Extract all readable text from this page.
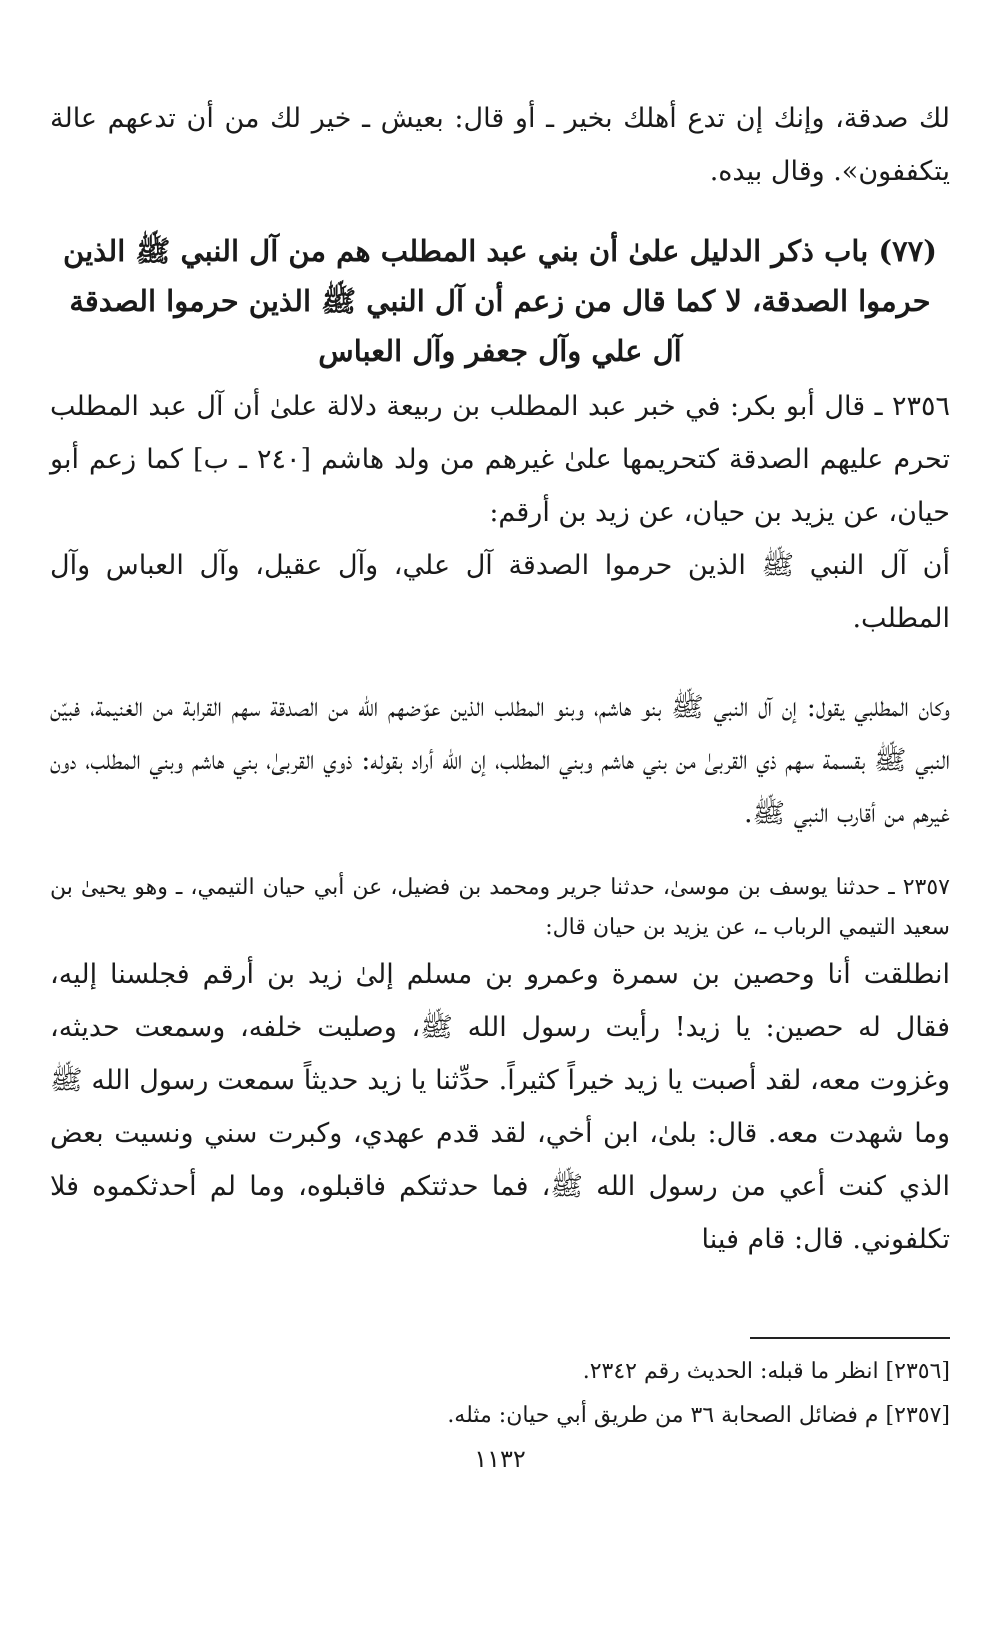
لك صدقة، وإنك إن تدع أهلك بخير ـ أو قال: بعيش ـ خير لك من أن تدعهم عالة يتكففون». وقال بيده.

(٧٧) باب ذكر الدليل علىٰ أن بني عبد المطلب هم من آل النبي ﷺ الذين حرموا الصدقة، لا كما قال من زعم أن آل النبي ﷺ الذين حرموا الصدقة آل علي وآل جعفر وآل العباس

٢٣٥٦ ـ قال أبو بكر: في خبر عبد المطلب بن ربيعة دلالة علىٰ أن آل عبد المطلب تحرم عليهم الصدقة كتحريمها علىٰ غيرهم من ولد هاشم [٢٤٠ ـ ب] كما زعم أبو حيان، عن يزيد بن حيان، عن زيد بن أرقم:

أن آل النبي ﷺ الذين حرموا الصدقة آل علي، وآل عقيل، وآل العباس وآل المطلب.

وكان المطلبي يقول: إن آل النبي ﷺ بنو هاشم، وبنو المطلب الذين عوّضهم الله من الصدقة سهم القرابة من الغنيمة، فبيّن النبي ﷺ بقسمة سهم ذي القربىٰ من بني هاشم وبني المطلب، إن الله أراد بقوله: ذوي القربىٰ، بني هاشم وبني المطلب، دون غيرهم من أقارب النبي ﷺ.

٢٣٥٧ ـ حدثنا يوسف بن موسىٰ، حدثنا جرير ومحمد بن فضيل، عن أبي حيان التيمي، ـ وهو يحيىٰ بن سعيد التيمي الرباب ـ، عن يزيد بن حيان قال:

انطلقت أنا وحصين بن سمرة وعمرو بن مسلم إلىٰ زيد بن أرقم فجلسنا إليه، فقال له حصين: يا زيد! رأيت رسول الله ﷺ، وصليت خلفه، وسمعت حديثه، وغزوت معه، لقد أصبت يا زيد خيراً كثيراً. حدِّثنا يا زيد حديثاً سمعت رسول الله ﷺ وما شهدت معه. قال: بلىٰ، ابن أخي، لقد قدم عهدي، وكبرت سني ونسيت بعض الذي كنت أعي من رسول الله ﷺ، فما حدثتكم فاقبلوه، وما لم أحدثكموه فلا تكلفوني. قال: قام فينا

[٢٣٥٦] انظر ما قبله: الحديث رقم ٢٣٤٢.

[٢٣٥٧] م فضائل الصحابة ٣٦ من طريق أبي حيان: مثله.

١١٣٢
